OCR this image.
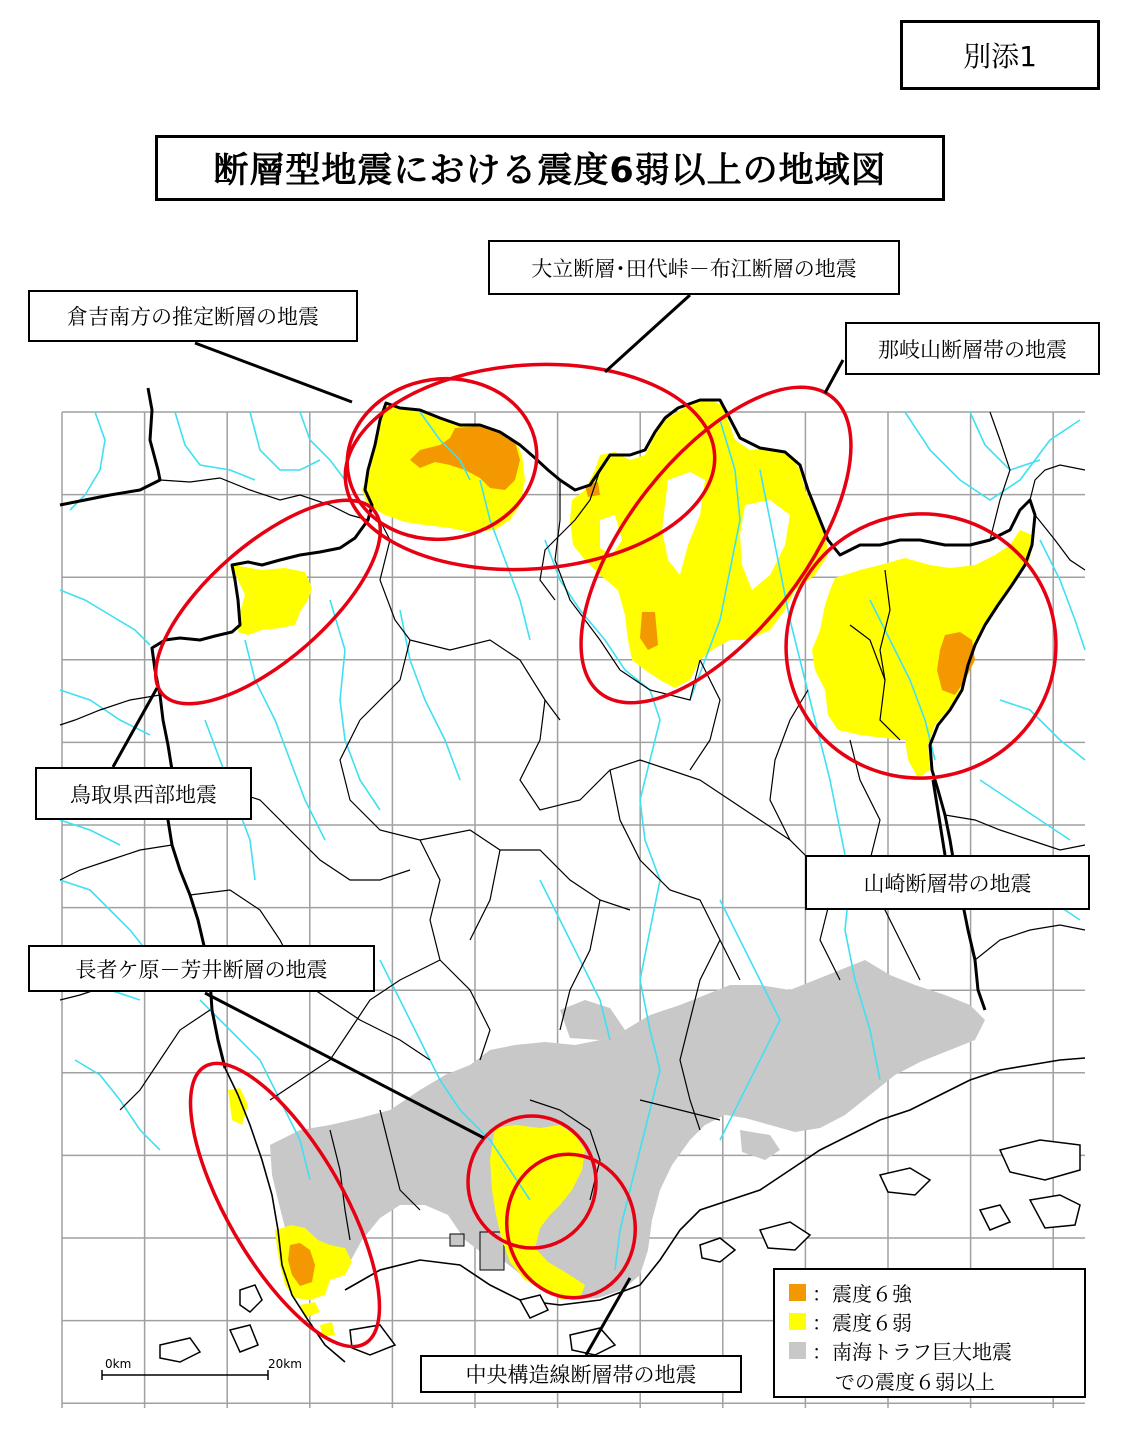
0km	20km
別添1
断層型地震における震度6弱以上の地域図
大立断層･田代峠－布江断層の地震
倉吉南方の推定断層の地震
那岐山断層帯の地震
鳥取県西部地震
山崎断層帯の地震
長者ケ原－芳井断層の地震
中央構造線断層帯の地震
：震度６強
：震度６弱
：南海トラフ巨大地震
での震度６弱以上
